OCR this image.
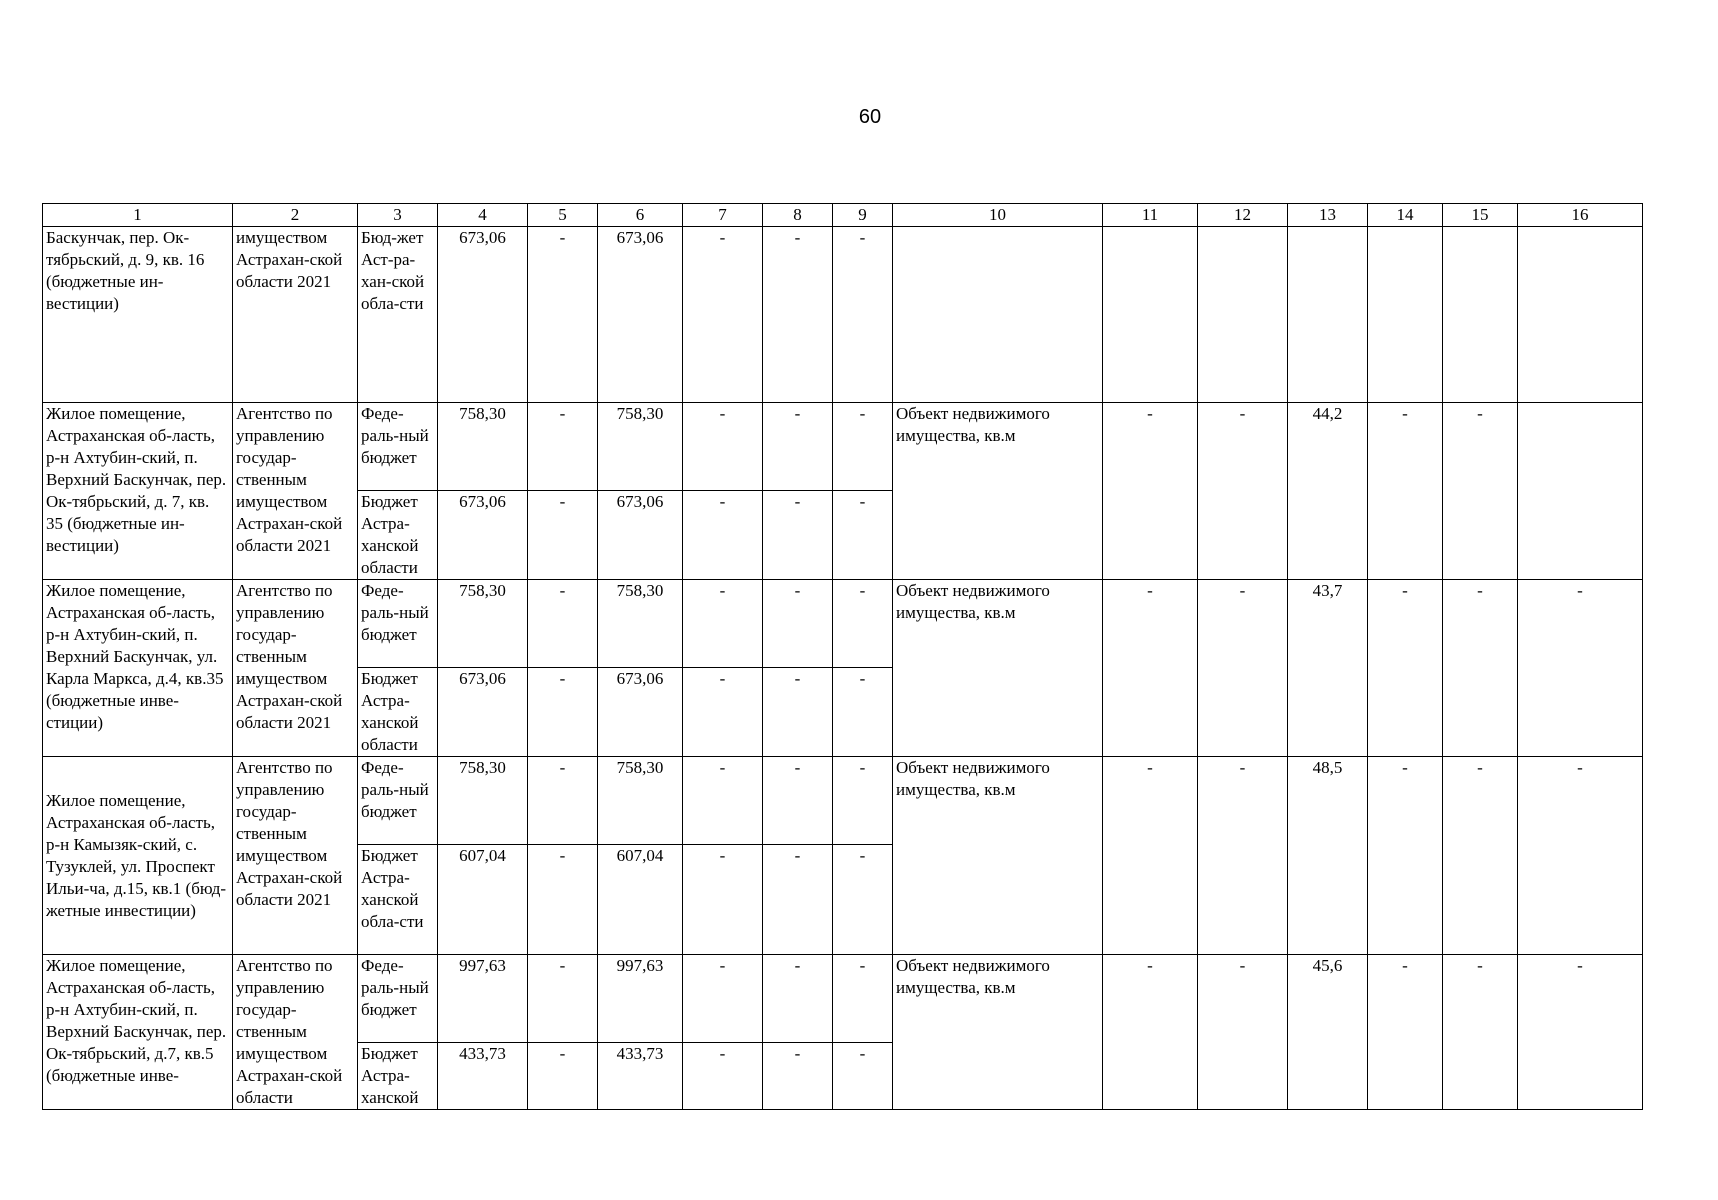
60
1	2	3	4	5	6	7	8	9	10	11	12	13	14	15	16
Баскунчак, пер. Ок-тябрьский, д. 9, кв. 16 (бюджетные ин-вестиции)	имуществом Астрахан-ской области 2021	Бюд-жет Аст-ра-хан-ской обла-сти	673,06	-	673,06	-	-	-							
Жилое помещение, Астраханская об-ласть, р-н Ахтубин-ский, п. Верхний Баскунчак, пер. Ок-тябрьский, д. 7, кв. 35 (бюджетные ин-вестиции)	Агентство по управлению государ-ственным имуществом Астрахан-ской области 2021	Феде-раль-ный бюджет	758,30	-	758,30	-	-	-	Объект недвижимого имущества, кв.м	-	-	44,2	-	-	
		Бюджет Астра-ханской области	673,06	-	673,06	-	-	-							
Жилое помещение, Астраханская об-ласть, р-н Ахтубин-ский, п. Верхний Баскунчак, ул. Карла Маркса, д.4, кв.35 (бюджетные инве-стиции)	Агентство по управлению государ-ственным имуществом Астрахан-ской области 2021	Феде-раль-ный бюджет	758,30	-	758,30	-	-	-	Объект недвижимого имущества, кв.м	-	-	43,7	-	-	-
		Бюджет Астра-ханской области	673,06	-	673,06	-	-	-							
Жилое помещение, Астраханская об-ласть, р-н Камызяк-ский, с. Тузуклей, ул. Проспект Ильи-ча, д.15, кв.1 (бюд-жетные инвестиции)	Агентство по управлению государ-ственным имуществом Астрахан-ской области 2021	Феде-раль-ный бюджет	758,30	-	758,30	-	-	-	Объект недвижимого имущества, кв.м	-	-	48,5	-	-	-
		Бюджет Астра-ханской обла-сти	607,04	-	607,04	-	-	-							
Жилое помещение, Астраханская об-ласть, р-н Ахтубин-ский, п. Верхний Баскунчак, пер. Ок-тябрьский, д.7, кв.5 (бюджетные инве-	Агентство по управлению государ-ственным имуществом Астрахан-ской области	Феде-раль-ный бюджет	997,63	-	997,63	-	-	-	Объект недвижимого имущества, кв.м	-	-	45,6	-	-	-
		Бюджет Астра-ханской	433,73	-	433,73	-	-	-							
